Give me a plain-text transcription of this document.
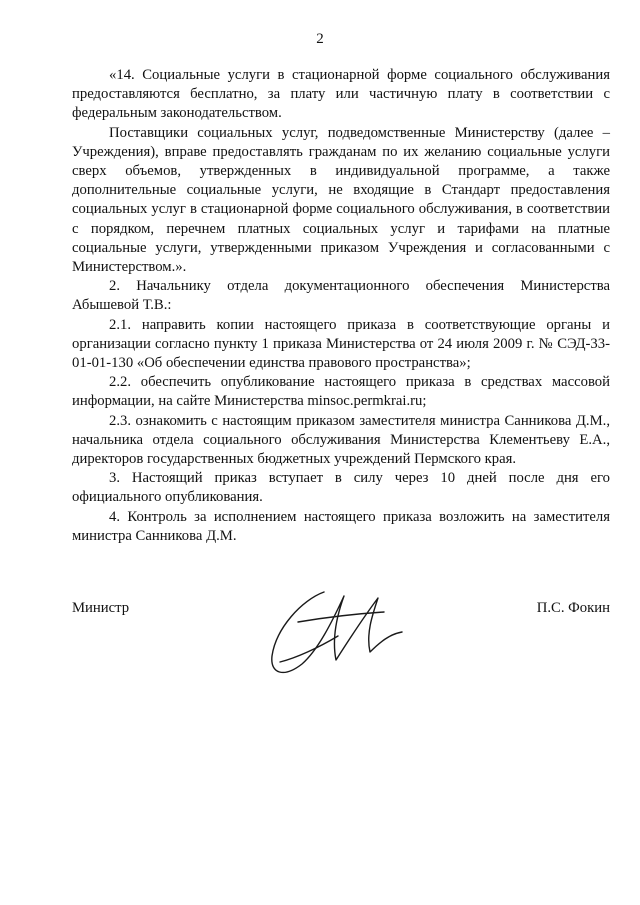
2

«14. Социальные услуги в стационарной форме социального обслуживания предоставляются бесплатно, за плату или частичную плату в соответствии с федеральным законодательством.

Поставщики социальных услуг, подведомственные Министерству (далее – Учреждения), вправе предоставлять гражданам по их желанию социальные услуги сверх объемов, утвержденных в индивидуальной программе, а также дополнительные социальные услуги, не входящие в Стандарт предоставления социальных услуг в стационарной форме социального обслуживания, в соответствии с порядком, перечнем платных социальных услуг и тарифами на платные социальные услуги, утвержденными приказом Учреждения и согласованными с Министерством.».

2. Начальнику отдела документационного обеспечения Министерства Абышевой Т.В.:

2.1. направить копии настоящего приказа в соответствующие органы и организации согласно пункту 1 приказа Министерства от 24 июля 2009 г. № СЭД-33-01-01-130 «Об обеспечении единства правового пространства»;

2.2. обеспечить опубликование настоящего приказа в средствах массовой информации, на сайте Министерства minsoc.permkrai.ru;

2.3. ознакомить с настоящим приказом заместителя министра Санникова Д.М., начальника отдела социального обслуживания Министерства Клементьеву Е.А., директоров государственных бюджетных учреждений Пермского края.

3. Настоящий приказ вступает в силу через 10 дней после дня его официального опубликования.

4. Контроль за исполнением настоящего приказа возложить на заместителя министра Санникова Д.М.

Министр	П.С. Фокин
